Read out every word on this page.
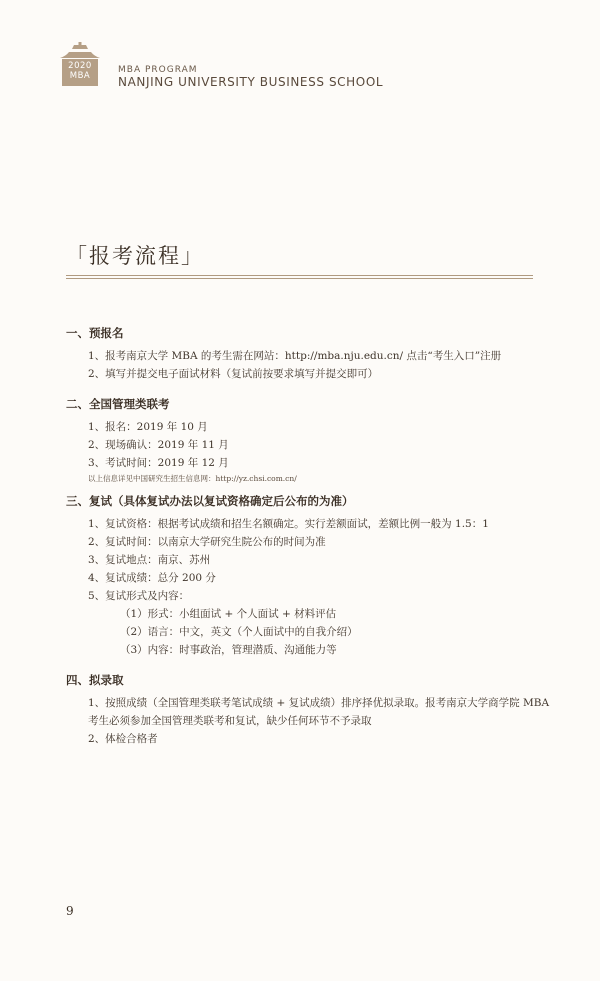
2020
MBA
MBA PROGRAM
NANJING UNIVERSITY BUSINESS SCHOOL
「报考流程」

一、预报名

1、报考南京大学 MBA 的考生需在网站：http://mba.nju.edu.cn/ 点击“考生入口”注册

2、填写并提交电子面试材料（复试前按要求填写并提交即可）

二、全国管理类联考

1、报名：2019 年 10 月

2、现场确认：2019 年 11 月

3、考试时间：2019 年 12 月

以上信息详见中国研究生招生信息网：http://yz.chsi.com.cn/

三、复试（具体复试办法以复试资格确定后公布的为准）

1、复试资格：根据考试成绩和招生名额确定。实行差额面试，差额比例一般为 1.5：1

2、复试时间：以南京大学研究生院公布的时间为准

3、复试地点：南京、苏州

4、复试成绩：总分 200 分

5、复试形式及内容：

（1）形式：小组面试 + 个人面试 + 材料评估

（2）语言：中文，英文（个人面试中的自我介绍）

（3）内容：时事政治，管理潜质、沟通能力等

四、拟录取

1、按照成绩（全国管理类联考笔试成绩 + 复试成绩）排序择优拟录取。报考南京大学商学院 MBA

考生必须参加全国管理类联考和复试，缺少任何环节不予录取

2、体检合格者

9
